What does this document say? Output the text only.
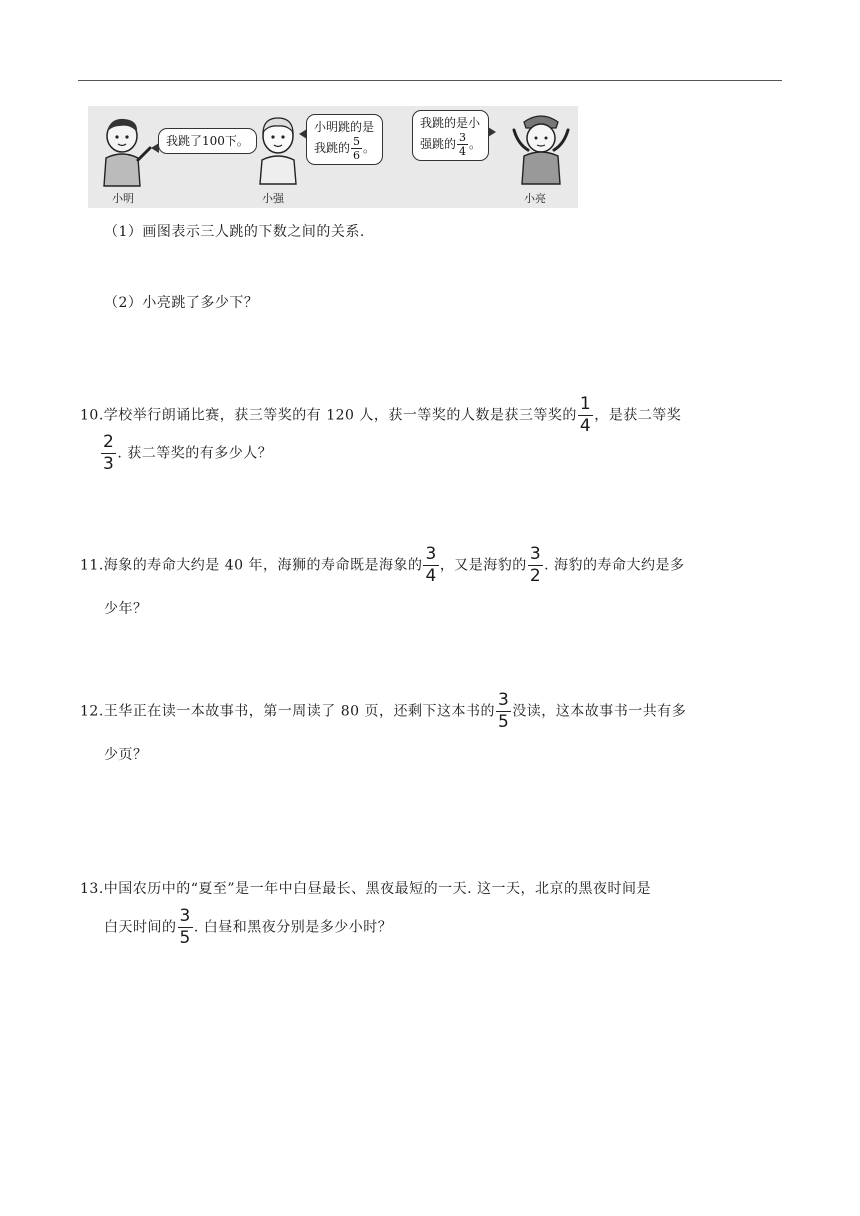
我跳了100下。
小明
小明跳的是
我跳的 $\frac{5}{6}$ 。
小强
我跳的是小
强跳的 $\frac{3}{4}$ 。
小亮
（1）画图表示三人跳的下数之间的关系.
（2）小亮跳了多少下？
10.学校举行朗诵比赛，获三等奖的有 120 人，获一等奖的人数是获三等奖的 $\frac{1}{4}$ ，是获二等奖
$\frac{2}{3}$ . 获二等奖的有多少人？
11.海象的寿命大约是 40 年，海狮的寿命既是海象的 $\frac{3}{4}$ ，又是海豹的 $\frac{3}{2}$ . 海豹的寿命大约是多
少年？
12.王华正在读一本故事书，第一周读了 80 页，还剩下这本书的 $\frac{3}{5}$ 没读，这本故事书一共有多
少页？
13.中国农历中的“夏至”是一年中白昼最长、黑夜最短的一天. 这一天，北京的黑夜时间是
白天时间的 $\frac{3}{5}$ . 白昼和黑夜分别是多少小时？
